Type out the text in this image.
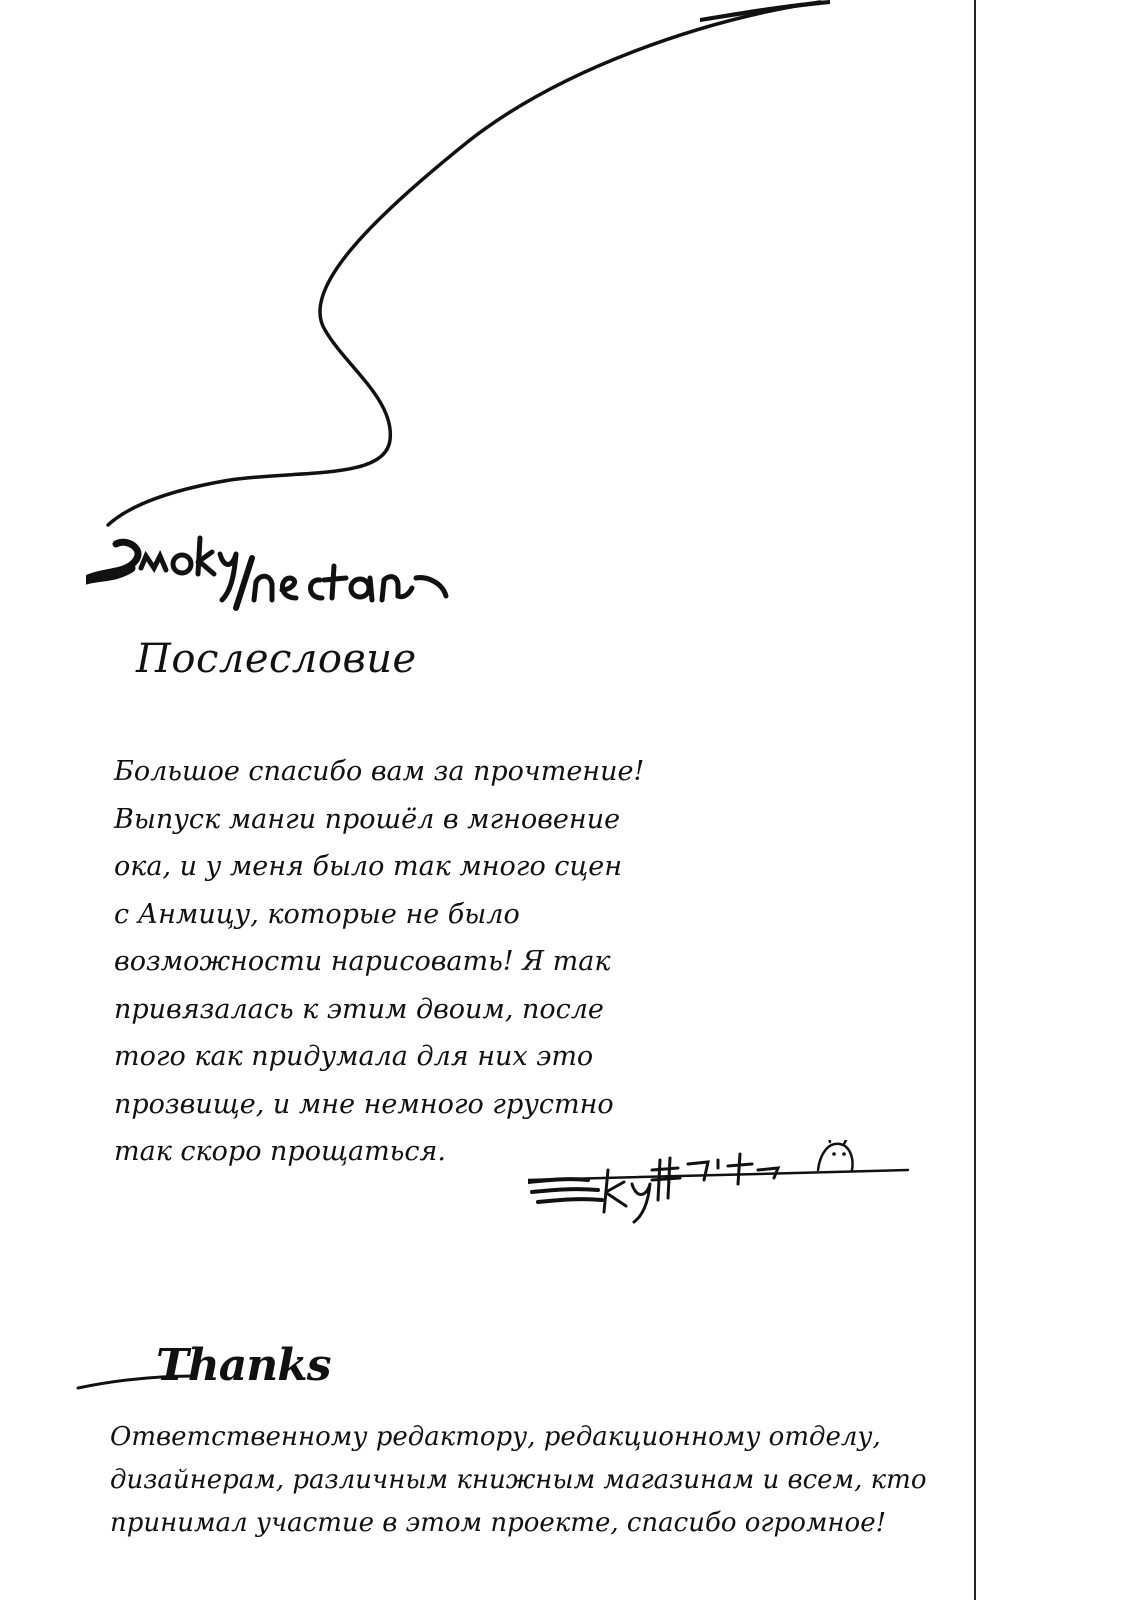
Послесловие
Большое спасибо вам за прочтение!
Выпуск манги прошёл в мгновение
ока, и у меня было так много сцен
с Анмицу, которые не было
возможности нарисовать! Я так
привязалась к этим двоим, после
того как придумала для них это
прозвище, и мне немного грустно
так скоро прощаться.
Thanks
Ответственному редактору, редакционному отделу,
дизайнерам, различным книжным магазинам и всем, кто
принимал участие в этом проекте, спасибо огромное!
